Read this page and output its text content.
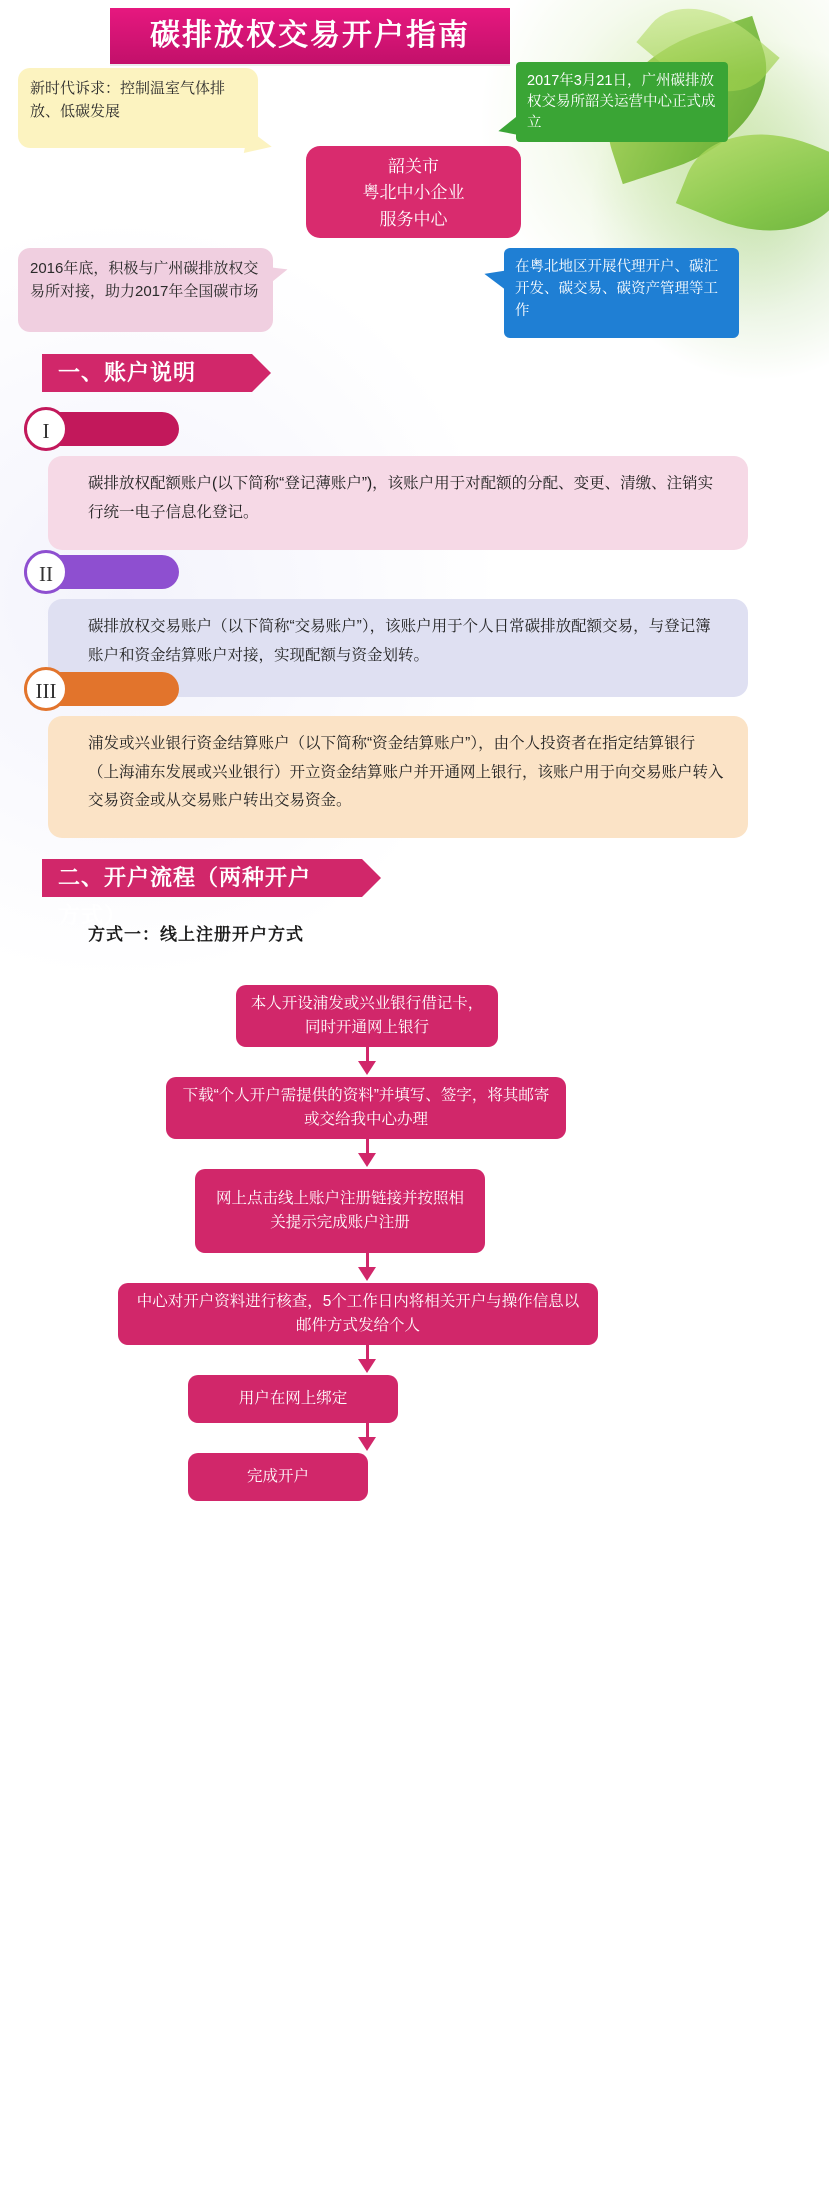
碳排放权交易开户指南
新时代诉求：控制温室气体排放、低碳发展
2017年3月21日，广州碳排放权交易所韶关运营中心正式成立
韶关市
粤北中小企业
服务中心
2016年底，积极与广州碳排放权交易所对接，助力2017年全国碳市场
在粤北地区开展代理开户、碳汇开发、碳交易、碳资产管理等工作
一、账户说明
I
碳排放权配额账户(以下简称“登记薄账户”)，该账户用于对配额的分配、变更、清缴、注销实行统一电子信息化登记。
II
碳排放权交易账户（以下简称“交易账户”），该账户用于个人日常碳排放配额交易，与登记簿账户和资金结算账户对接，实现配额与资金划转。
III
浦发或兴业银行资金结算账户（以下简称“资金结算账户”），由个人投资者在指定结算银行（上海浦东发展或兴业银行）开立资金结算账户并开通网上银行，该账户用于向交易账户转入交易资金或从交易账户转出交易资金。
二、开户流程（两种开户方式）
方式一：线上注册开户方式
本人开设浦发或兴业银行借记卡，同时开通网上银行
下载“个人开户需提供的资料”并填写、签字，将其邮寄或交给我中心办理
网上点击线上账户注册链接并按照相关提示完成账户注册
中心对开户资料进行核查，5个工作日内将相关开户与操作信息以邮件方式发给个人
用户在网上绑定
完成开户
